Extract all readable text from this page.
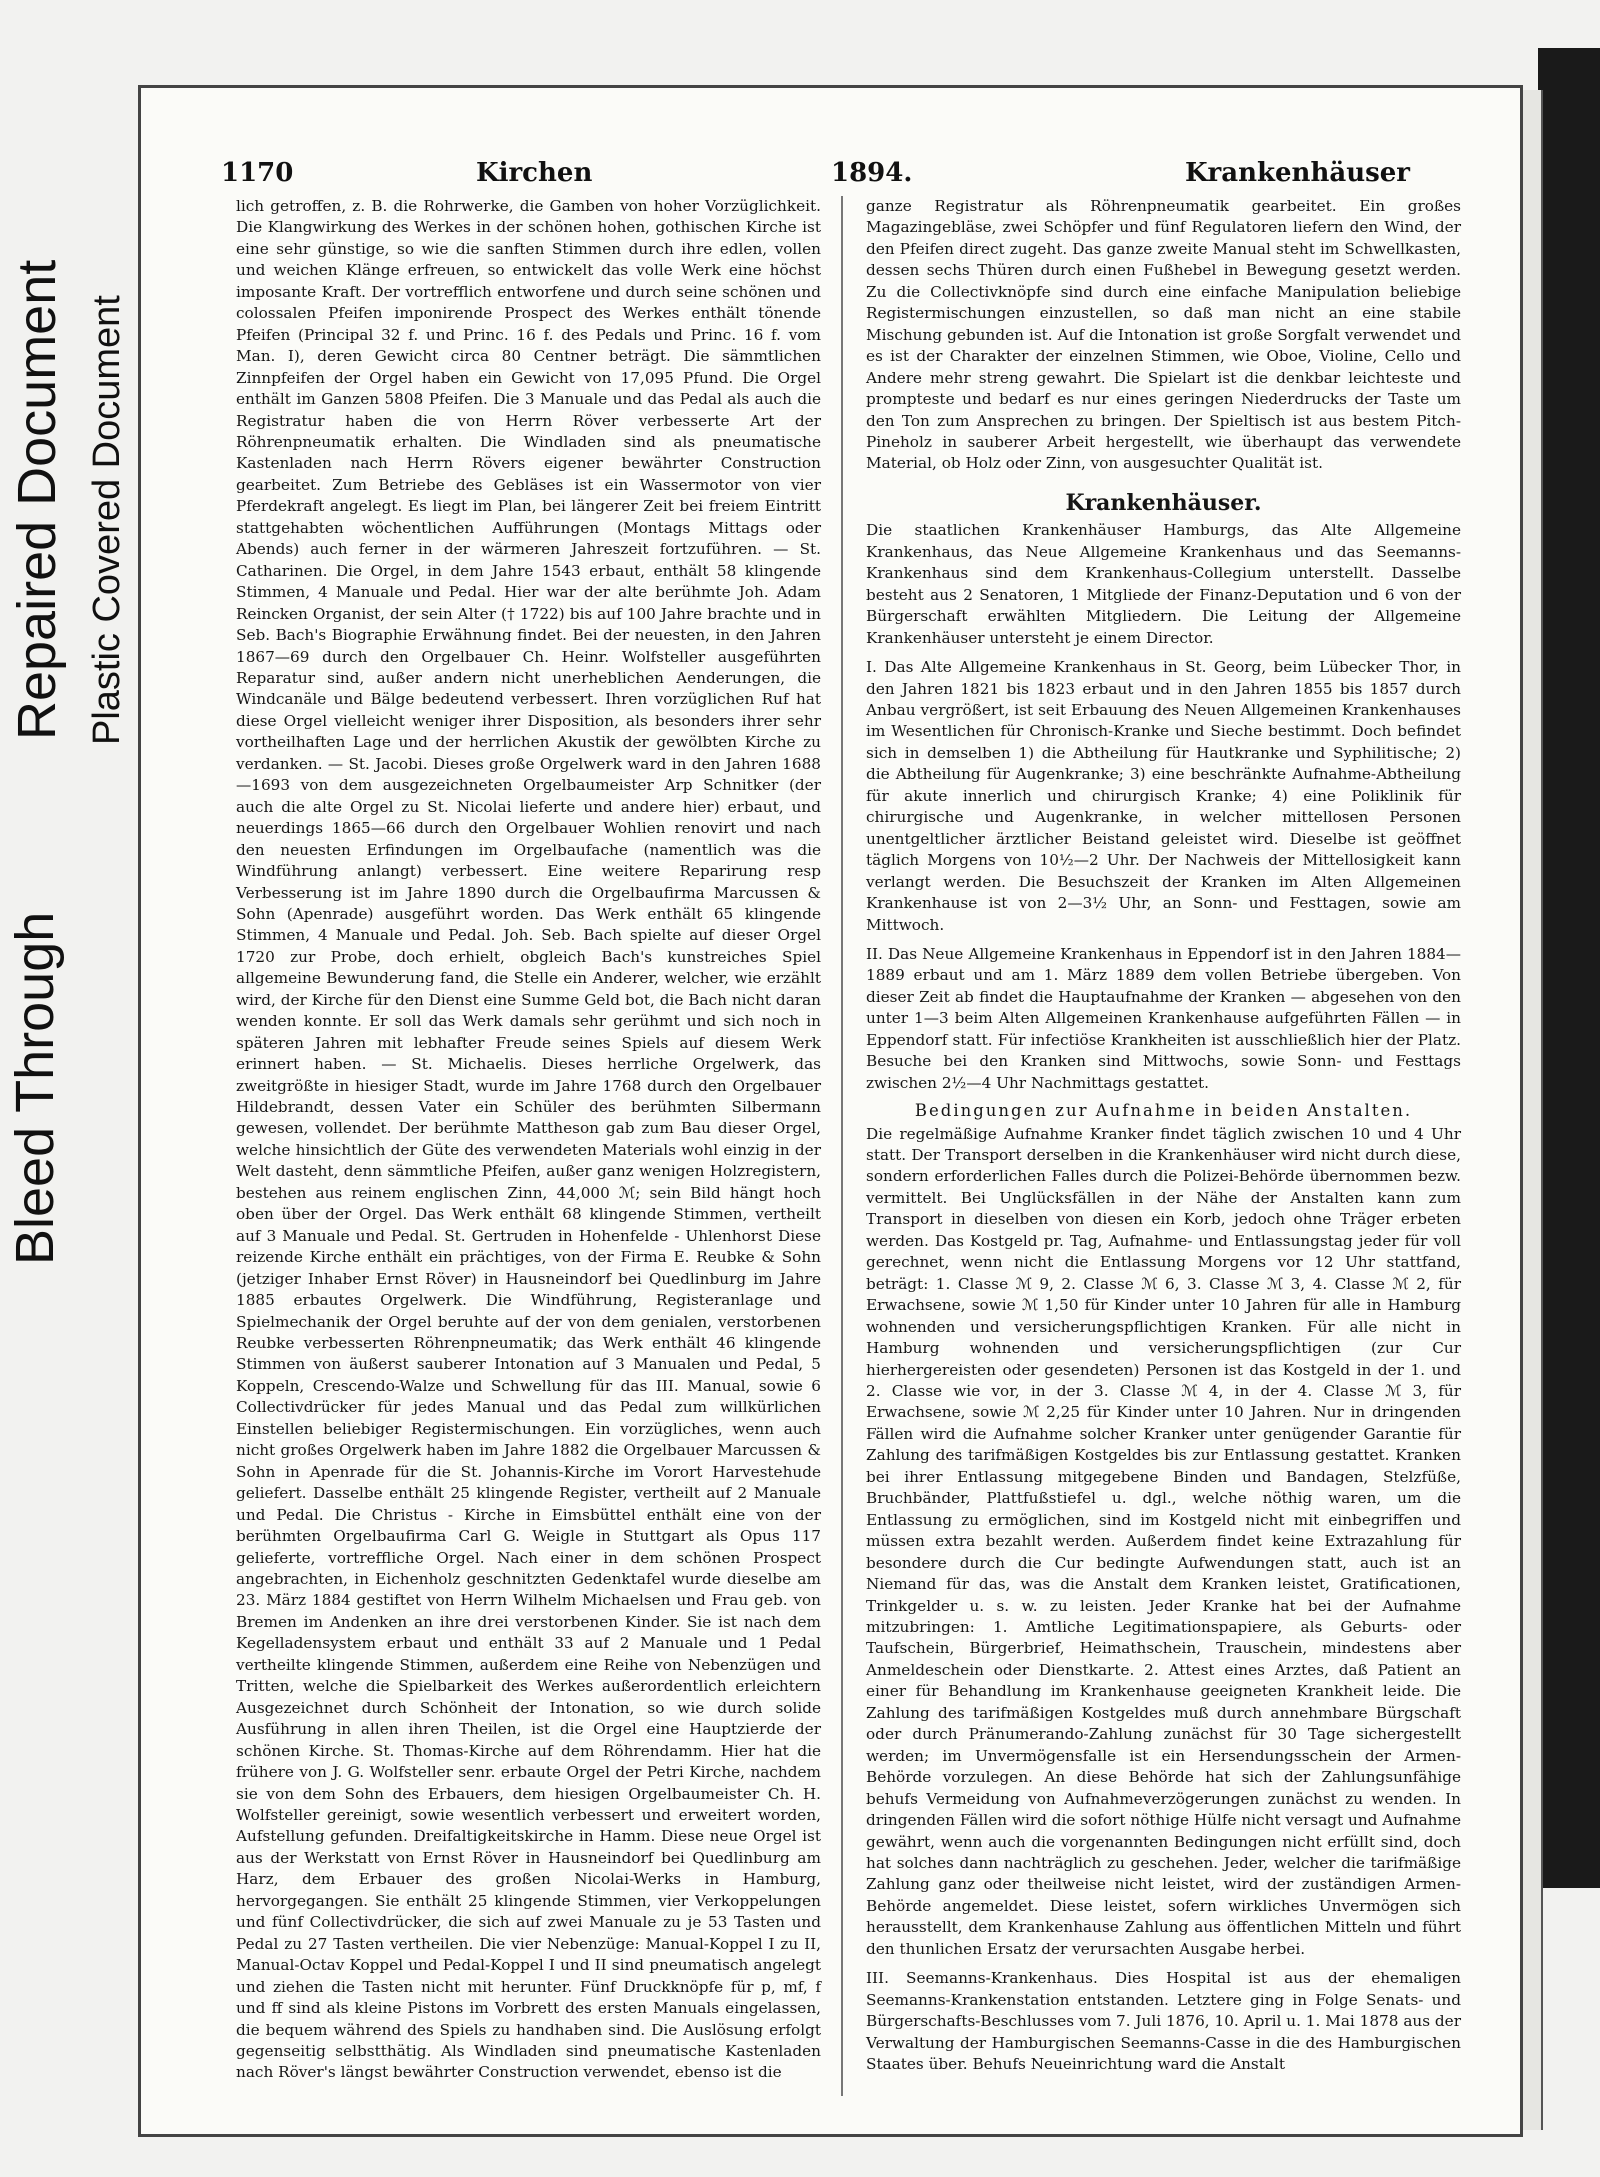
Repaired Document
Bleed Through
Plastic Covered Document
1170	Kirchen	1894.	Krankenhäuser

lich getroffen, z. B. die Rohrwerke, die Gamben von hoher Vorzüglichkeit. Die Klangwirkung des Werkes in der schönen hohen, gothischen Kirche ist eine sehr günstige, so wie die sanften Stimmen durch ihre edlen, vollen und weichen Klänge erfreuen, so entwickelt das volle Werk eine höchst imposante Kraft. Der vortrefflich entworfene und durch seine schönen und colossalen Pfeifen imponirende Prospect des Werkes enthält tönende Pfeifen (Principal 32 f. und Princ. 16 f. des Pedals und Princ. 16 f. vom Man. I), deren Gewicht circa 80 Centner beträgt. Die sämmtlichen Zinnpfeifen der Orgel haben ein Gewicht von 17,095 Pfund. Die Orgel enthält im Ganzen 5808 Pfeifen. Die 3 Manuale und das Pedal als auch die Registratur haben die von Herrn Röver verbesserte Art der Röhrenpneumatik erhalten. Die Windladen sind als pneumatische Kastenladen nach Herrn Rövers eigener bewährter Construction gearbeitet. Zum Betriebe des Gebläses ist ein Wassermotor von vier Pferdekraft angelegt. Es liegt im Plan, bei längerer Zeit bei freiem Eintritt stattgehabten wöchentlichen Aufführungen (Montags Mittags oder Abends) auch ferner in der wärmeren Jahreszeit fortzuführen. — St. Catharinen. Die Orgel, in dem Jahre 1543 erbaut, enthält 58 klingende Stimmen, 4 Manuale und Pedal. Hier war der alte berühmte Joh. Adam Reincken Organist, der sein Alter († 1722) bis auf 100 Jahre brachte und in Seb. Bach's Biographie Erwähnung findet. Bei der neuesten, in den Jahren 1867—69 durch den Orgelbauer Ch. Heinr. Wolfsteller ausgeführten Reparatur sind, außer andern nicht unerheblichen Aenderungen, die Windcanäle und Bälge bedeutend verbessert. Ihren vorzüglichen Ruf hat diese Orgel vielleicht weniger ihrer Disposition, als besonders ihrer sehr vortheilhaften Lage und der herrlichen Akustik der gewölbten Kirche zu verdanken. — St. Jacobi. Dieses große Orgelwerk ward in den Jahren 1688—1693 von dem ausgezeichneten Orgelbaumeister Arp Schnitker (der auch die alte Orgel zu St. Nicolai lieferte und andere hier) erbaut, und neuerdings 1865—66 durch den Orgelbauer Wohlien renovirt und nach den neuesten Erfindungen im Orgelbaufache (namentlich was die Windführung anlangt) verbessert. Eine weitere Reparirung resp Verbesserung ist im Jahre 1890 durch die Orgelbaufirma Marcussen & Sohn (Apenrade) ausgeführt worden. Das Werk enthält 65 klingende Stimmen, 4 Manuale und Pedal. Joh. Seb. Bach spielte auf dieser Orgel 1720 zur Probe, doch erhielt, obgleich Bach's kunstreiches Spiel allgemeine Bewunderung fand, die Stelle ein Anderer, welcher, wie erzählt wird, der Kirche für den Dienst eine Summe Geld bot, die Bach nicht daran wenden konnte. Er soll das Werk damals sehr gerühmt und sich noch in späteren Jahren mit lebhafter Freude seines Spiels auf diesem Werk erinnert haben. — St. Michaelis. Dieses herrliche Orgelwerk, das zweitgrößte in hiesiger Stadt, wurde im Jahre 1768 durch den Orgelbauer Hildebrandt, dessen Vater ein Schüler des berühmten Silbermann gewesen, vollendet. Der berühmte Mattheson gab zum Bau dieser Orgel, welche hinsichtlich der Güte des verwendeten Materials wohl einzig in der Welt dasteht, denn sämmtliche Pfeifen, außer ganz wenigen Holzregistern, bestehen aus reinem englischen Zinn, 44,000 ℳ; sein Bild hängt hoch oben über der Orgel. Das Werk enthält 68 klingende Stimmen, vertheilt auf 3 Manuale und Pedal. St. Gertruden in Hohenfelde - Uhlenhorst Diese reizende Kirche enthält ein prächtiges, von der Firma E. Reubke & Sohn (jetziger Inhaber Ernst Röver) in Hausneindorf bei Quedlinburg im Jahre 1885 erbautes Orgelwerk. Die Windführung, Registeranlage und Spielmechanik der Orgel beruhte auf der von dem genialen, verstorbenen Reubke verbesserten Röhrenpneumatik; das Werk enthält 46 klingende Stimmen von äußerst sauberer Intonation auf 3 Manualen und Pedal, 5 Koppeln, Crescendo-Walze und Schwellung für das III. Manual, sowie 6 Collectivdrücker für jedes Manual und das Pedal zum willkürlichen Einstellen beliebiger Registermischungen. Ein vorzügliches, wenn auch nicht großes Orgelwerk haben im Jahre 1882 die Orgelbauer Marcussen & Sohn in Apenrade für die St. Johannis-Kirche im Vorort Harvestehude geliefert. Dasselbe enthält 25 klingende Register, vertheilt auf 2 Manuale und Pedal. Die Christus - Kirche in Eimsbüttel enthält eine von der berühmten Orgelbaufirma Carl G. Weigle in Stuttgart als Opus 117 gelieferte, vortreffliche Orgel. Nach einer in dem schönen Prospect angebrachten, in Eichenholz geschnitzten Gedenktafel wurde dieselbe am 23. März 1884 gestiftet von Herrn Wilhelm Michaelsen und Frau geb. von Bremen im Andenken an ihre drei verstorbenen Kinder. Sie ist nach dem Kegelladensystem erbaut und enthält 33 auf 2 Manuale und 1 Pedal vertheilte klingende Stimmen, außerdem eine Reihe von Nebenzügen und Tritten, welche die Spielbarkeit des Werkes außerordentlich erleichtern Ausgezeichnet durch Schönheit der Intonation, so wie durch solide Ausführung in allen ihren Theilen, ist die Orgel eine Hauptzierde der schönen Kirche. St. Thomas-Kirche auf dem Röhrendamm. Hier hat die frühere von J. G. Wolfsteller senr. erbaute Orgel der Petri Kirche, nachdem sie von dem Sohn des Erbauers, dem hiesigen Orgelbaumeister Ch. H. Wolfsteller gereinigt, sowie wesentlich verbessert und erweitert worden, Aufstellung gefunden. Dreifaltigkeitskirche in Hamm. Diese neue Orgel ist aus der Werkstatt von Ernst Röver in Hausneindorf bei Quedlinburg am Harz, dem Erbauer des großen Nicolai-Werks in Hamburg, hervorgegangen. Sie enthält 25 klingende Stimmen, vier Verkoppelungen und fünf Collectivdrücker, die sich auf zwei Manuale zu je 53 Tasten und Pedal zu 27 Tasten vertheilen. Die vier Nebenzüge: Manual-Koppel I zu II, Manual-Octav Koppel und Pedal-Koppel I und II sind pneumatisch angelegt und ziehen die Tasten nicht mit herunter. Fünf Druckknöpfe für p, mf, f und ff sind als kleine Pistons im Vorbrett des ersten Manuals eingelassen, die bequem während des Spiels zu handhaben sind. Die Auslösung erfolgt gegenseitig selbstthätig. Als Windladen sind pneumatische Kastenladen nach Röver's längst bewährter Construction verwendet, ebenso ist die

ganze Registratur als Röhrenpneumatik gearbeitet. Ein großes Magazingebläse, zwei Schöpfer und fünf Regulatoren liefern den Wind, der den Pfeifen direct zugeht. Das ganze zweite Manual steht im Schwellkasten, dessen sechs Thüren durch einen Fußhebel in Bewegung gesetzt werden. Zu die Collectivknöpfe sind durch eine einfache Manipulation beliebige Registermischungen einzustellen, so daß man nicht an eine stabile Mischung gebunden ist. Auf die Intonation ist große Sorgfalt verwendet und es ist der Charakter der einzelnen Stimmen, wie Oboe, Violine, Cello und Andere mehr streng gewahrt. Die Spielart ist die denkbar leichteste und prompteste und bedarf es nur eines geringen Niederdrucks der Taste um den Ton zum Ansprechen zu bringen. Der Spieltisch ist aus bestem Pitch-Pineholz in sauberer Arbeit hergestellt, wie überhaupt das verwendete Material, ob Holz oder Zinn, von ausgesuchter Qualität ist.

Krankenhäuser.

Die staatlichen Krankenhäuser Hamburgs, das Alte Allgemeine Krankenhaus, das Neue Allgemeine Krankenhaus und das Seemanns-Krankenhaus sind dem Krankenhaus-Collegium unterstellt. Dasselbe besteht aus 2 Senatoren, 1 Mitgliede der Finanz-Deputation und 6 von der Bürgerschaft erwählten Mitgliedern. Die Leitung der Allgemeine Krankenhäuser untersteht je einem Director.

I. Das Alte Allgemeine Krankenhaus in St. Georg, beim Lübecker Thor, in den Jahren 1821 bis 1823 erbaut und in den Jahren 1855 bis 1857 durch Anbau vergrößert, ist seit Erbauung des Neuen Allgemeinen Krankenhauses im Wesentlichen für Chronisch-Kranke und Sieche bestimmt. Doch befindet sich in demselben 1) die Abtheilung für Hautkranke und Syphilitische; 2) die Abtheilung für Augenkranke; 3) eine beschränkte Aufnahme-Abtheilung für akute innerlich und chirurgisch Kranke; 4) eine Poliklinik für chirurgische und Augenkranke, in welcher mittellosen Personen unentgeltlicher ärztlicher Beistand geleistet wird. Dieselbe ist geöffnet täglich Morgens von 10½—2 Uhr. Der Nachweis der Mittellosigkeit kann verlangt werden. Die Besuchszeit der Kranken im Alten Allgemeinen Krankenhause ist von 2—3½ Uhr, an Sonn- und Festtagen, sowie am Mittwoch.

II. Das Neue Allgemeine Krankenhaus in Eppendorf ist in den Jahren 1884—1889 erbaut und am 1. März 1889 dem vollen Betriebe übergeben. Von dieser Zeit ab findet die Hauptaufnahme der Kranken — abgesehen von den unter 1—3 beim Alten Allgemeinen Krankenhause aufgeführten Fällen — in Eppendorf statt. Für infectiöse Krankheiten ist ausschließlich hier der Platz. Besuche bei den Kranken sind Mittwochs, sowie Sonn- und Festtags zwischen 2½—4 Uhr Nachmittags gestattet.

Bedingungen zur Aufnahme in beiden Anstalten.

Die regelmäßige Aufnahme Kranker findet täglich zwischen 10 und 4 Uhr statt. Der Transport derselben in die Krankenhäuser wird nicht durch diese, sondern erforderlichen Falles durch die Polizei-Behörde übernommen bezw. vermittelt. Bei Unglücksfällen in der Nähe der Anstalten kann zum Transport in dieselben von diesen ein Korb, jedoch ohne Träger erbeten werden. Das Kostgeld pr. Tag, Aufnahme- und Entlassungstag jeder für voll gerechnet, wenn nicht die Entlassung Morgens vor 12 Uhr stattfand, beträgt: 1. Classe ℳ 9, 2. Classe ℳ 6, 3. Classe ℳ 3, 4. Classe ℳ 2, für Erwachsene, sowie ℳ 1,50 für Kinder unter 10 Jahren für alle in Hamburg wohnenden und versicherungspflichtigen Kranken. Für alle nicht in Hamburg wohnenden und versicherungspflichtigen (zur Cur hierhergereisten oder gesendeten) Personen ist das Kostgeld in der 1. und 2. Classe wie vor, in der 3. Classe ℳ 4, in der 4. Classe ℳ 3, für Erwachsene, sowie ℳ 2,25 für Kinder unter 10 Jahren. Nur in dringenden Fällen wird die Aufnahme solcher Kranker unter genügender Garantie für Zahlung des tarifmäßigen Kostgeldes bis zur Entlassung gestattet. Kranken bei ihrer Entlassung mitgegebene Binden und Bandagen, Stelzfüße, Bruchbänder, Plattfußstiefel u. dgl., welche nöthig waren, um die Entlassung zu ermöglichen, sind im Kostgeld nicht mit einbegriffen und müssen extra bezahlt werden. Außerdem findet keine Extrazahlung für besondere durch die Cur bedingte Aufwendungen statt, auch ist an Niemand für das, was die Anstalt dem Kranken leistet, Gratificationen, Trinkgelder u. s. w. zu leisten. Jeder Kranke hat bei der Aufnahme mitzubringen: 1. Amtliche Legitimationspapiere, als Geburts- oder Taufschein, Bürgerbrief, Heimathschein, Trauschein, mindestens aber Anmeldeschein oder Dienstkarte. 2. Attest eines Arztes, daß Patient an einer für Behandlung im Krankenhause geeigneten Krankheit leide. Die Zahlung des tarifmäßigen Kostgeldes muß durch annehmbare Bürgschaft oder durch Pränumerando-Zahlung zunächst für 30 Tage sichergestellt werden; im Unvermögensfalle ist ein Hersendungsschein der Armen-Behörde vorzulegen. An diese Behörde hat sich der Zahlungsunfähige behufs Vermeidung von Aufnahmeverzögerungen zunächst zu wenden. In dringenden Fällen wird die sofort nöthige Hülfe nicht versagt und Aufnahme gewährt, wenn auch die vorgenannten Bedingungen nicht erfüllt sind, doch hat solches dann nachträglich zu geschehen. Jeder, welcher die tarifmäßige Zahlung ganz oder theilweise nicht leistet, wird der zuständigen Armen-Behörde angemeldet. Diese leistet, sofern wirkliches Unvermögen sich herausstellt, dem Krankenhause Zahlung aus öffentlichen Mitteln und führt den thunlichen Ersatz der verursachten Ausgabe herbei.

III. Seemanns-Krankenhaus. Dies Hospital ist aus der ehemaligen Seemanns-Krankenstation entstanden. Letztere ging in Folge Senats- und Bürgerschafts-Beschlusses vom 7. Juli 1876, 10. April u. 1. Mai 1878 aus der Verwaltung der Hamburgischen Seemanns-Casse in die des Hamburgischen Staates über. Behufs Neueinrichtung ward die Anstalt
